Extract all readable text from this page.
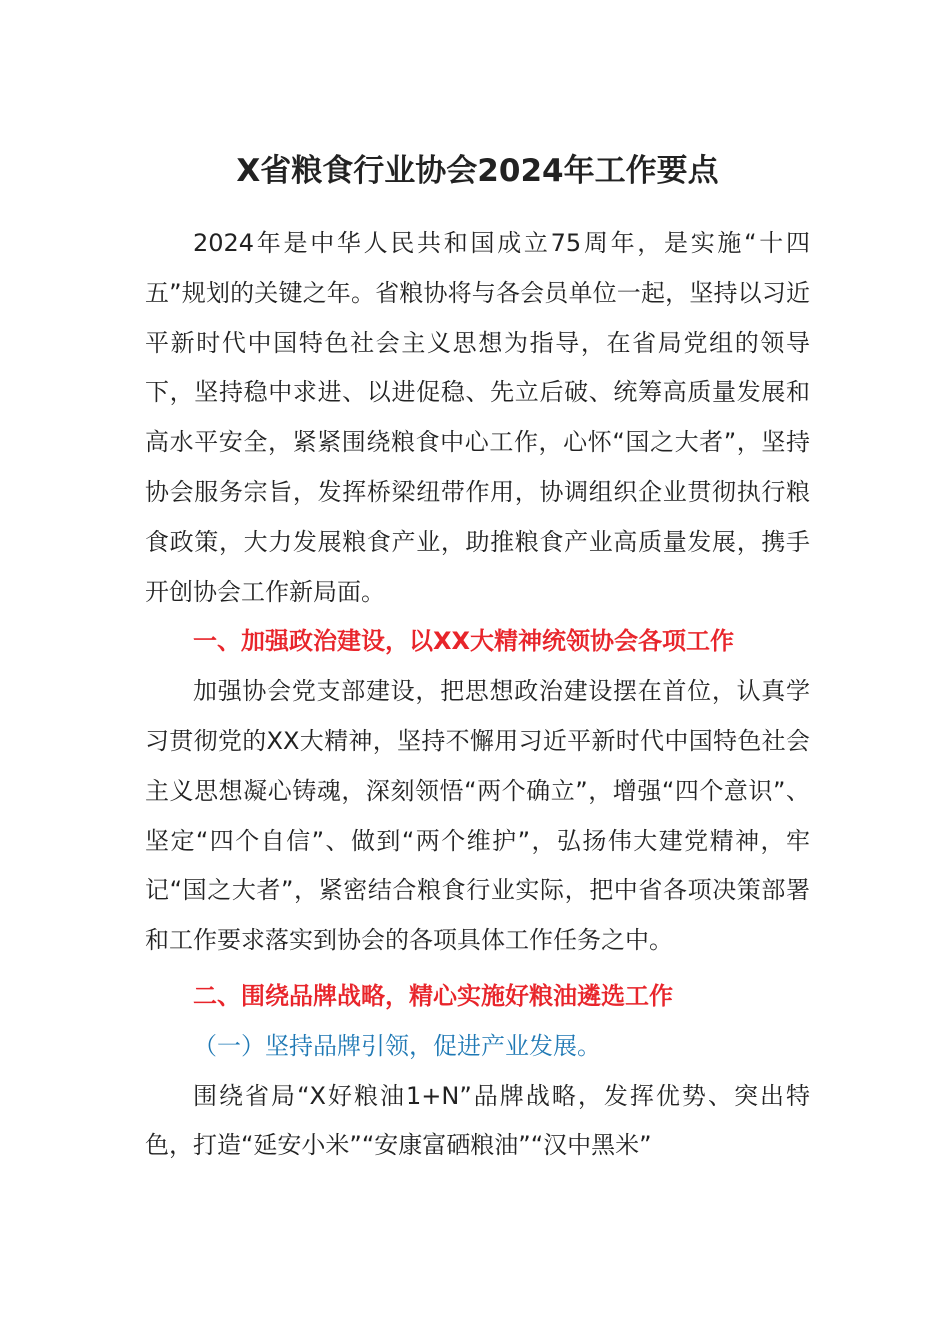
X省粮食行业协会2024年工作要点

2024年是中华人民共和国成立75周年，是实施“十四五”规划的关键之年。省粮协将与各会员单位一起，坚持以习近平新时代中国特色社会主义思想为指导，在省局党组的领导下，坚持稳中求进、以进促稳、先立后破、统筹高质量发展和高水平安全，紧紧围绕粮食中心工作，心怀“国之大者”，坚持协会服务宗旨，发挥桥梁纽带作用，协调组织企业贯彻执行粮食政策，大力发展粮食产业，助推粮食产业高质量发展，携手开创协会工作新局面。

一、加强政治建设，以XX大精神统领协会各项工作

加强协会党支部建设，把思想政治建设摆在首位，认真学习贯彻党的XX大精神，坚持不懈用习近平新时代中国特色社会主义思想凝心铸魂，深刻领悟“两个确立”，增强“四个意识”、坚定“四个自信”、做到“两个维护”，弘扬伟大建党精神，牢记“国之大者”，紧密结合粮食行业实际，把中省各项决策部署和工作要求落实到协会的各项具体工作任务之中。

二、围绕品牌战略，精心实施好粮油遴选工作

（一）坚持品牌引领，促进产业发展。

围绕省局“X好粮油1+N”品牌战略，发挥优势、突出特色，打造“延安小米”“安康富硒粮油”“汉中黑米”
